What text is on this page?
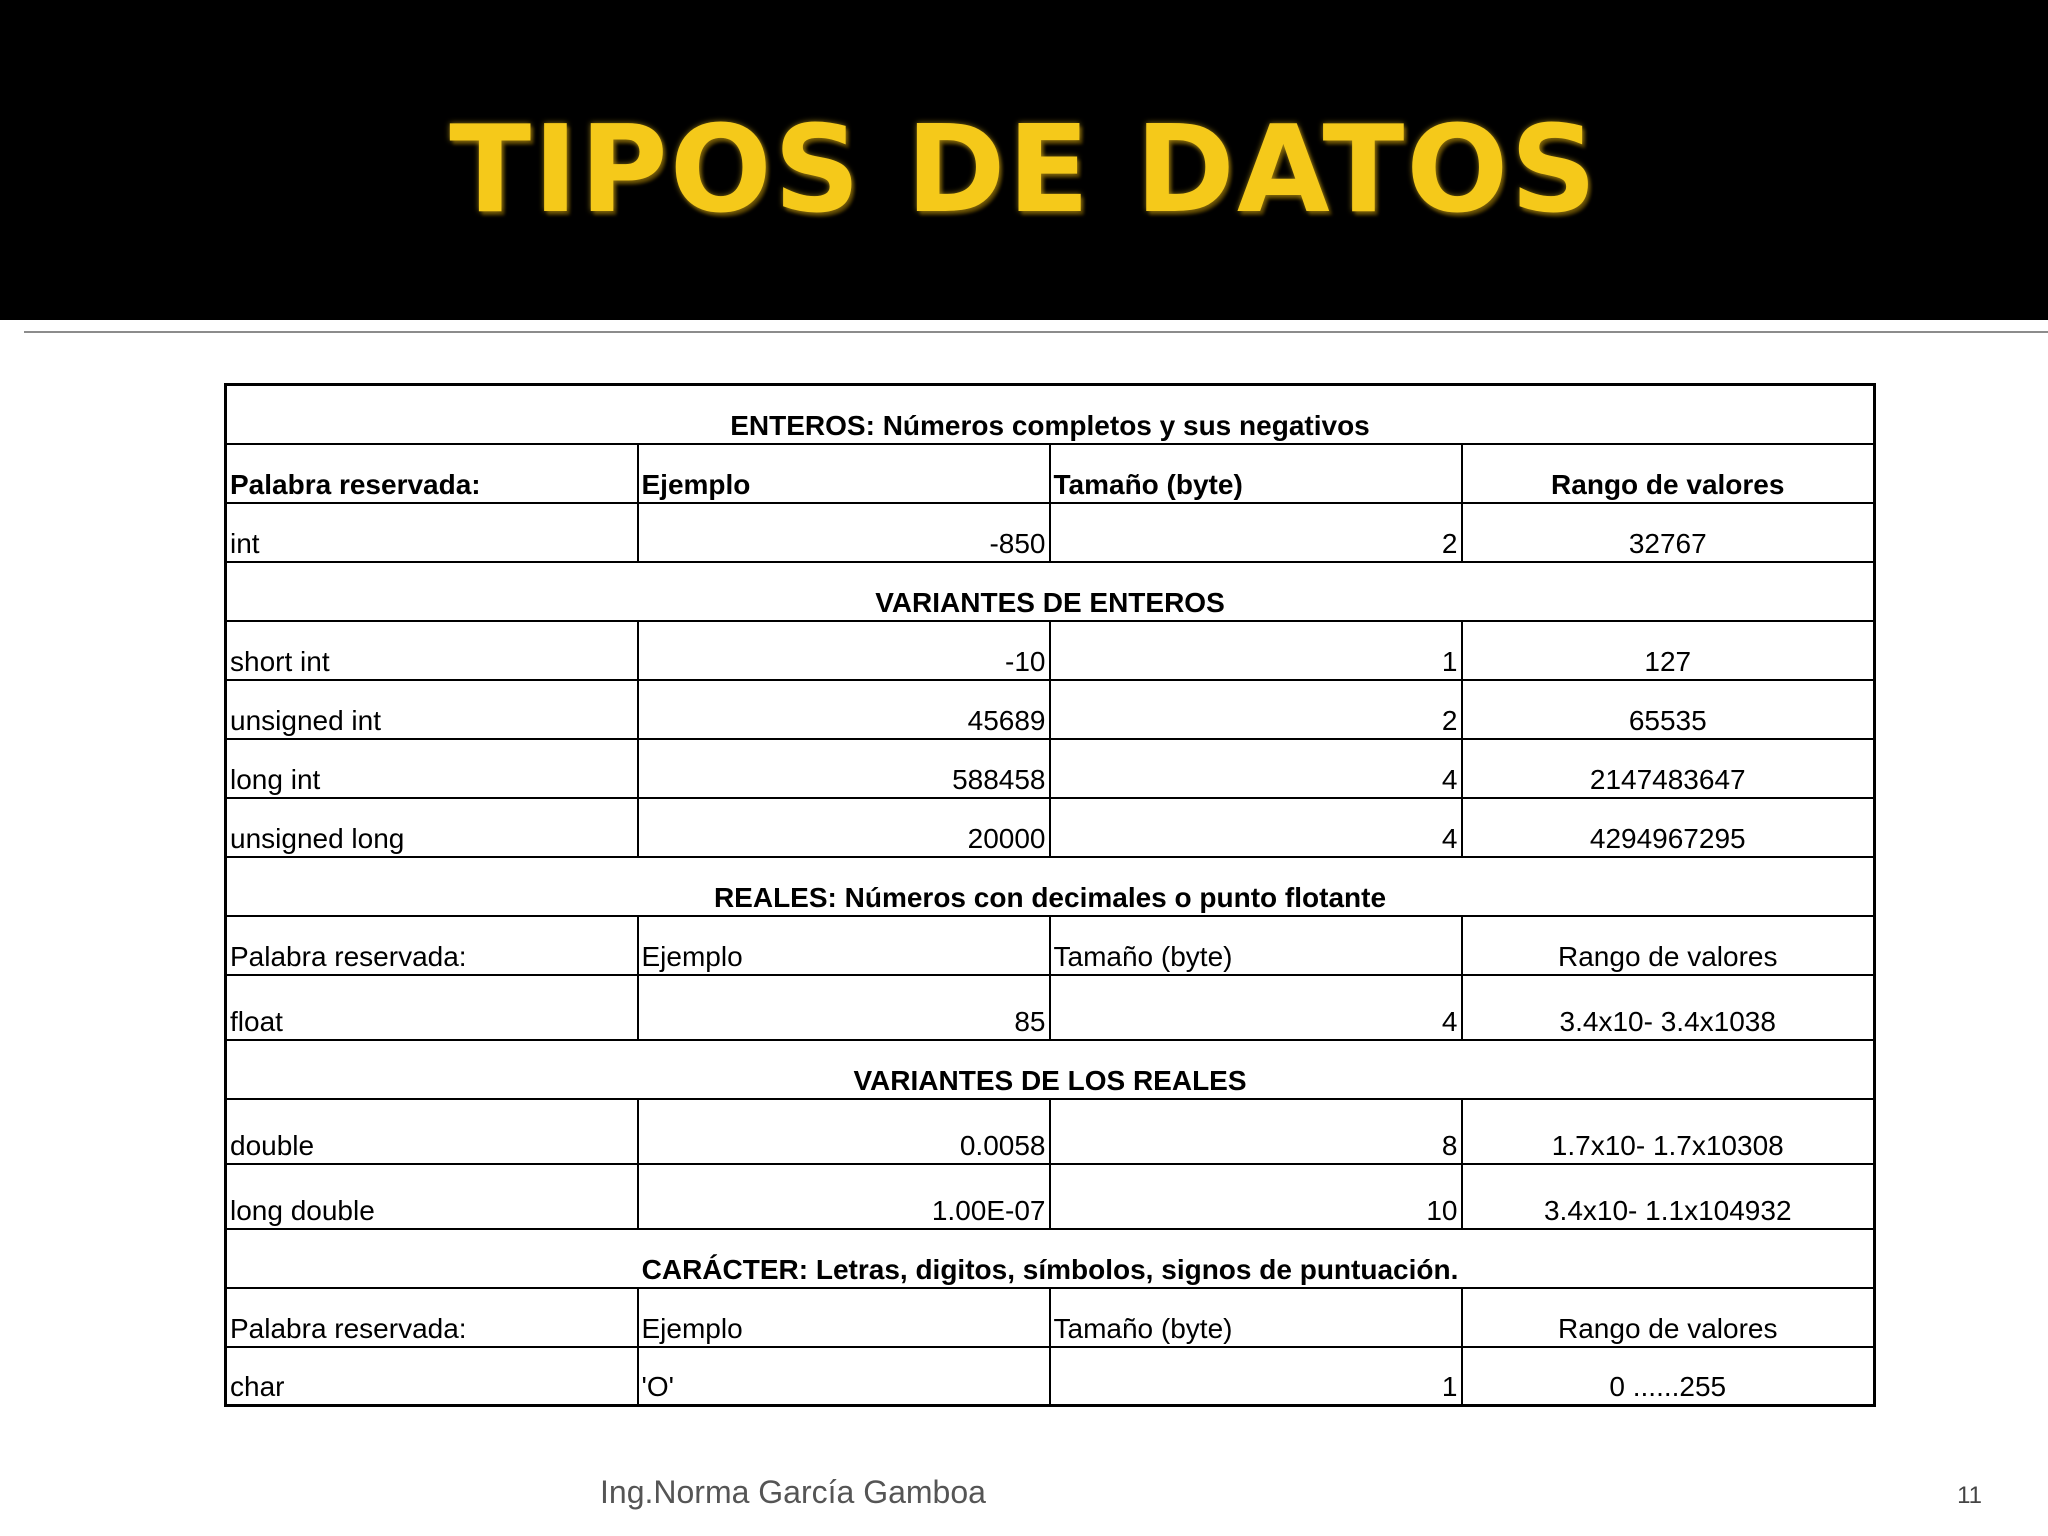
TIPOS DE DATOS
ENTEROS: Números completos y sus negativos			
Palabra reservada:	Ejemplo	Tamaño (byte)	Rango de valores
int	-850	2	32767
VARIANTES DE ENTEROS			
short int	-10	1	127
unsigned int	45689	2	65535
long int	588458	4	2147483647
unsigned long	20000	4	4294967295
REALES: Números con decimales o punto flotante			
Palabra reservada:	Ejemplo	Tamaño (byte)	Rango de valores
float	85	4	3.4x10- 3.4x1038
VARIANTES DE LOS REALES			
double	0.0058	8	1.7x10- 1.7x10308
long double	1.00E-07	10	3.4x10- 1.1x104932
CARÁCTER: Letras, digitos, símbolos, signos de puntuación.			
Palabra reservada:	Ejemplo	Tamaño (byte)	Rango de valores
char	'O'	1	0 ......255
Ing.Norma García Gamboa	11
